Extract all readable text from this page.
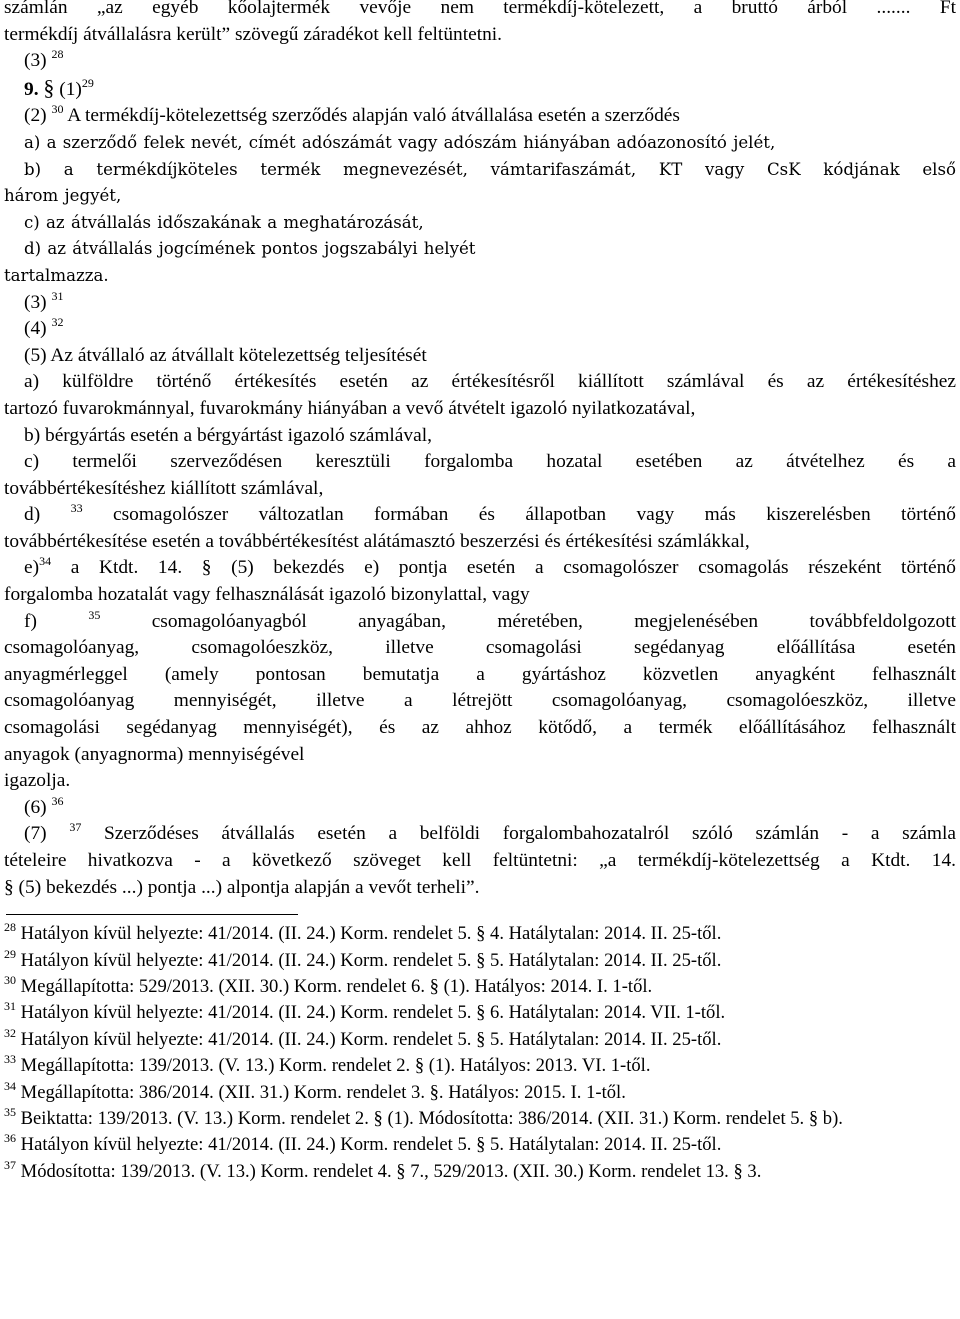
számlán „az egyéb kőolajtermék vevője nem termékdíj-kötelezett, a bruttó árból ....... Ft

termékdíj átvállalásra került” szövegű záradékot kell feltüntetni.

(3) $^{28}$

9. § $(1)^{29}$

(2) $^{30}$ A termékdíj-kötelezettség szerződés alapján való átvállalása esetén a szerződés

a) a szerződő felek nevét, címét adószámát vagy adószám hiányában adóazonosító jelét,

b) a termékdíjköteles termék megnevezését, vámtarifaszámát, KT vagy CsK kódjának első

három jegyét,

c) az átvállalás időszakának a meghatározását,

d) az átvállalás jogcímének pontos jogszabályi helyét

tartalmazza.

(3) $^{31}$

(4) $^{32}$

(5) Az átvállaló az átvállalt kötelezettség teljesítését

a) külföldre történő értékesítés esetén az értékesítésről kiállított számlával és az értékesítéshez

tartozó fuvarokmánnyal, fuvarokmány hiányában a vevő átvételt igazoló nyilatkozatával,

b) bérgyártás esetén a bérgyártást igazoló számlával,

c) termelői szerveződésen keresztüli forgalomba hozatal esetében az átvételhez és a

továbbértékesítéshez kiállított számlával,

d)	$^{33}$ csomagolószer változatlan formában és állapotban vagy más kiszerelésben történő

továbbértékesítése esetén a továbbértékesítést alátámasztó beszerzési és értékesítési számlákkal,

e)$^{34}$ a Ktdt. 14. § (5) bekezdés e) pontja esetén a csomagolószer csomagolás részeként történő

forgalomba hozatalát vagy felhasználását igazoló bizonylattal, vagy

f)	$^{35}$	csomagolóanyagból anyagában, méretében, megjelenésében továbbfeldolgozott

csomagolóanyag, csomagolóeszköz, illetve csomagolási segédanyag előállítása esetén

anyagmérleggel (amely pontosan bemutatja a gyártáshoz közvetlen anyagként felhasznált

csomagolóanyag mennyiségét, illetve a létrejött csomagolóanyag, csomagolóeszköz, illetve

csomagolási segédanyag mennyiségét), és az ahhoz kötődő, a termék előállításához felhasznált

anyagok (anyagnorma) mennyiségével

igazolja.

(6) $^{36}$

(7) $^{37}$ Szerződéses átvállalás esetén a belföldi forgalombahozatalról szóló számlán - a számla

tételeire hivatkozva - a következő szöveget kell feltüntetni: „a termékdíj-kötelezettség a Ktdt. 14.

§ (5) bekezdés ...) pontja ...) alpontja alapján a vevőt terheli”.

$^{28}$ Hatályon kívül helyezte: 41/2014. (II. 24.) Korm. rendelet 5. § 4. Hatálytalan: 2014. II. 25-től.

$^{29}$ Hatályon kívül helyezte: 41/2014. (II. 24.) Korm. rendelet 5. § 5. Hatálytalan: 2014. II. 25-től.

$^{30}$ Megállapította: 529/2013. (XII. 30.) Korm. rendelet 6. § (1). Hatályos: 2014. I. 1-től.

$^{31}$ Hatályon kívül helyezte: 41/2014. (II. 24.) Korm. rendelet 5. § 6. Hatálytalan: 2014. VII. 1-től.

$^{32}$ Hatályon kívül helyezte: 41/2014. (II. 24.) Korm. rendelet 5. § 5. Hatálytalan: 2014. II. 25-től.

$^{33}$ Megállapította: 139/2013. (V. 13.) Korm. rendelet 2. § (1). Hatályos: 2013. VI. 1-től.

$^{34}$ Megállapította: 386/2014. (XII. 31.) Korm. rendelet 3. §. Hatályos: 2015. I. 1-től.

$^{35}$ Beiktatta: 139/2013. (V. 13.) Korm. rendelet 2. § (1). Módosította: 386/2014. (XII. 31.) Korm. rendelet 5. § b).

$^{36}$ Hatályon kívül helyezte: 41/2014. (II. 24.) Korm. rendelet 5. § 5. Hatálytalan: 2014. II. 25-től.

$^{37}$ Módosította: 139/2013. (V. 13.) Korm. rendelet 4. § 7., 529/2013. (XII. 30.) Korm. rendelet 13. § 3.
